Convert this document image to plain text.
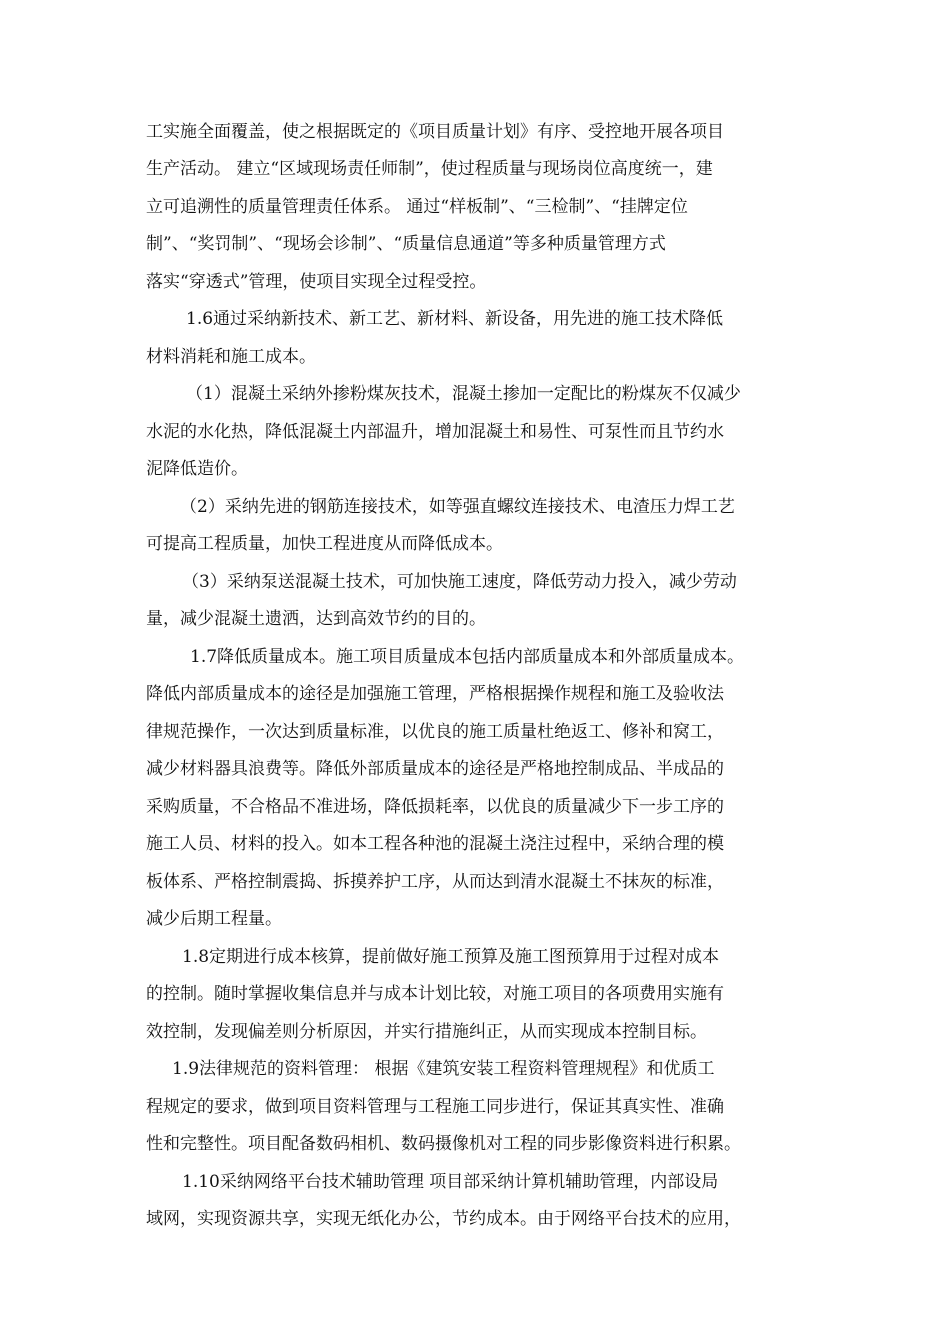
工实施全面覆盖，使之根据既定的《项目质量计划》有序、受控地开展各项目
生产活动。 建立“区域现场责任师制”，使过程质量与现场岗位高度统一，建
立可追溯性的质量管理责任体系。 通过“样板制”、“三检制”、“挂牌定位
制”、“奖罚制”、“现场会诊制”、“质量信息通道”等多种质量管理方式
落实“穿透式”管理，使项目实现全过程受控。
1.6通过采纳新技术、新工艺、新材料、新设备，用先进的施工技术降低
材料消耗和施工成本。
（1）混凝土采纳外掺粉煤灰技术，混凝土掺加一定配比的粉煤灰不仅减少
水泥的水化热，降低混凝土内部温升，增加混凝土和易性、可泵性而且节约水
泥降低造价。
（2）采纳先进的钢筋连接技术，如等强直螺纹连接技术、电渣压力焊工艺
可提高工程质量，加快工程进度从而降低成本。
（3）采纳泵送混凝土技术，可加快施工速度，降低劳动力投入，减少劳动
量，减少混凝土遗洒，达到高效节约的目的。
1.7降低质量成本。施工项目质量成本包括内部质量成本和外部质量成本。
降低内部质量成本的途径是加强施工管理，严格根据操作规程和施工及验收法
律规范操作，一次达到质量标准，以优良的施工质量杜绝返工、修补和窝工，
减少材料器具浪费等。降低外部质量成本的途径是严格地控制成品、半成品的
采购质量，不合格品不准进场，降低损耗率，以优良的质量减少下一步工序的
施工人员、材料的投入。如本工程各种池的混凝土浇注过程中，采纳合理的模
板体系、严格控制震捣、拆摸养护工序，从而达到清水混凝土不抹灰的标准，
减少后期工程量。
1.8定期进行成本核算，提前做好施工预算及施工图预算用于过程对成本
的控制。随时掌握收集信息并与成本计划比较，对施工项目的各项费用实施有
效控制，发现偏差则分析原因，并实行措施纠正，从而实现成本控制目标。
1.9法律规范的资料管理： 根据《建筑安装工程资料管理规程》和优质工
程规定的要求，做到项目资料管理与工程施工同步进行，保证其真实性、准确
性和完整性。项目配备数码相机、数码摄像机对工程的同步影像资料进行积累。
1.10采纳网络平台技术辅助管理 项目部采纳计算机辅助管理，内部设局
域网，实现资源共享，实现无纸化办公，节约成本。由于网络平台技术的应用，
